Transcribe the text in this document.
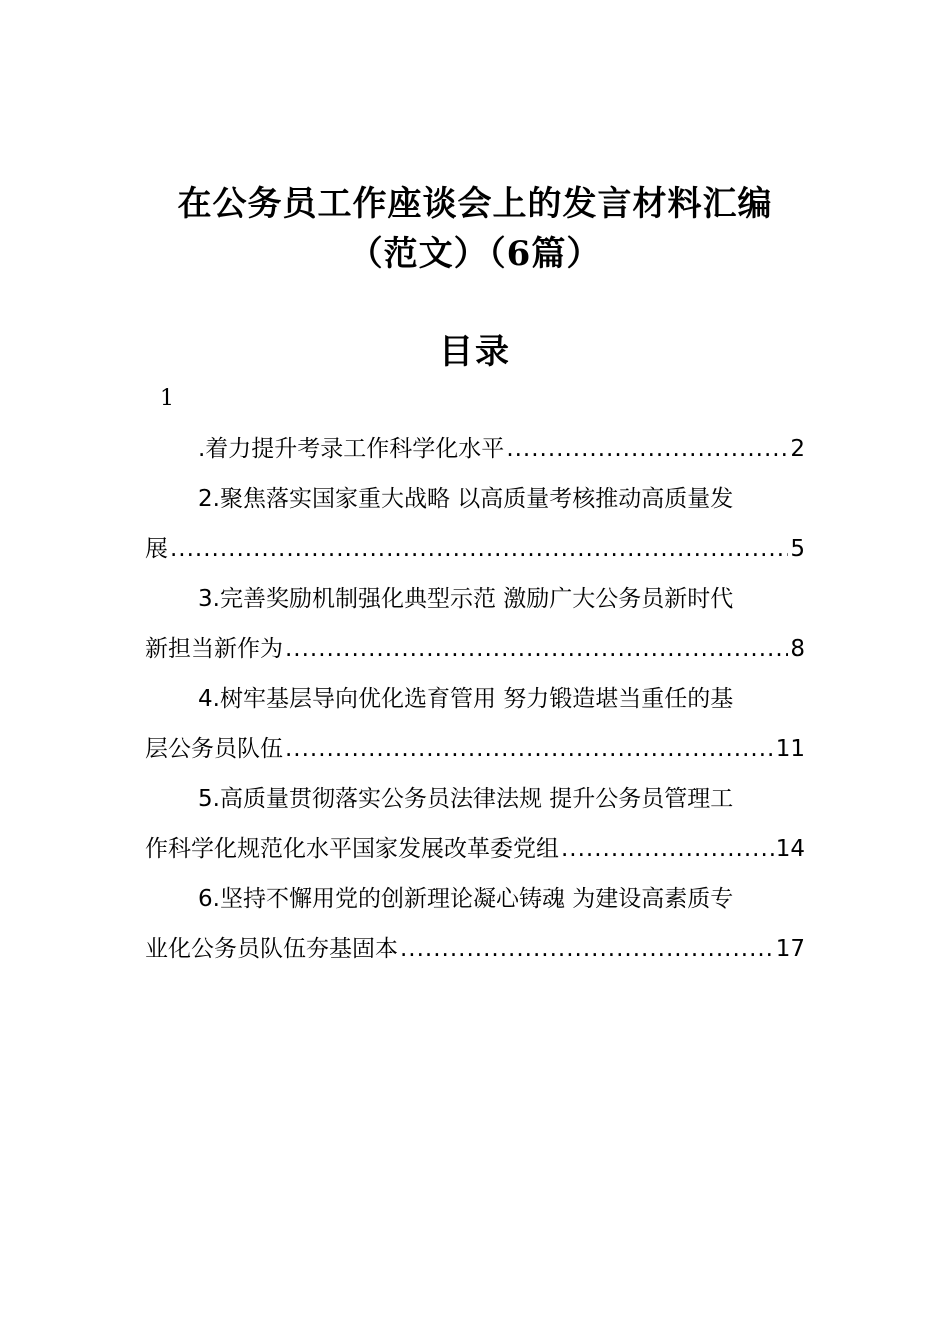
在公务员工作座谈会上的发言材料汇编
（范文）（6篇）
目录
1
.着力提升考录工作科学化水平 .....	2
2.聚焦落实国家重大战略 以高质量考核推动高质量发
展 .....	5
3.完善奖励机制强化典型示范 激励广大公务员新时代
新担当新作为 .....	8
4.树牢基层导向优化选育管用 努力锻造堪当重任的基
层公务员队伍 .....	11
5.高质量贯彻落实公务员法律法规 提升公务员管理工
作科学化规范化水平国家发展改革委党组 .....	14
6.坚持不懈用党的创新理论凝心铸魂 为建设高素质专
业化公务员队伍夯基固本 .....	17
